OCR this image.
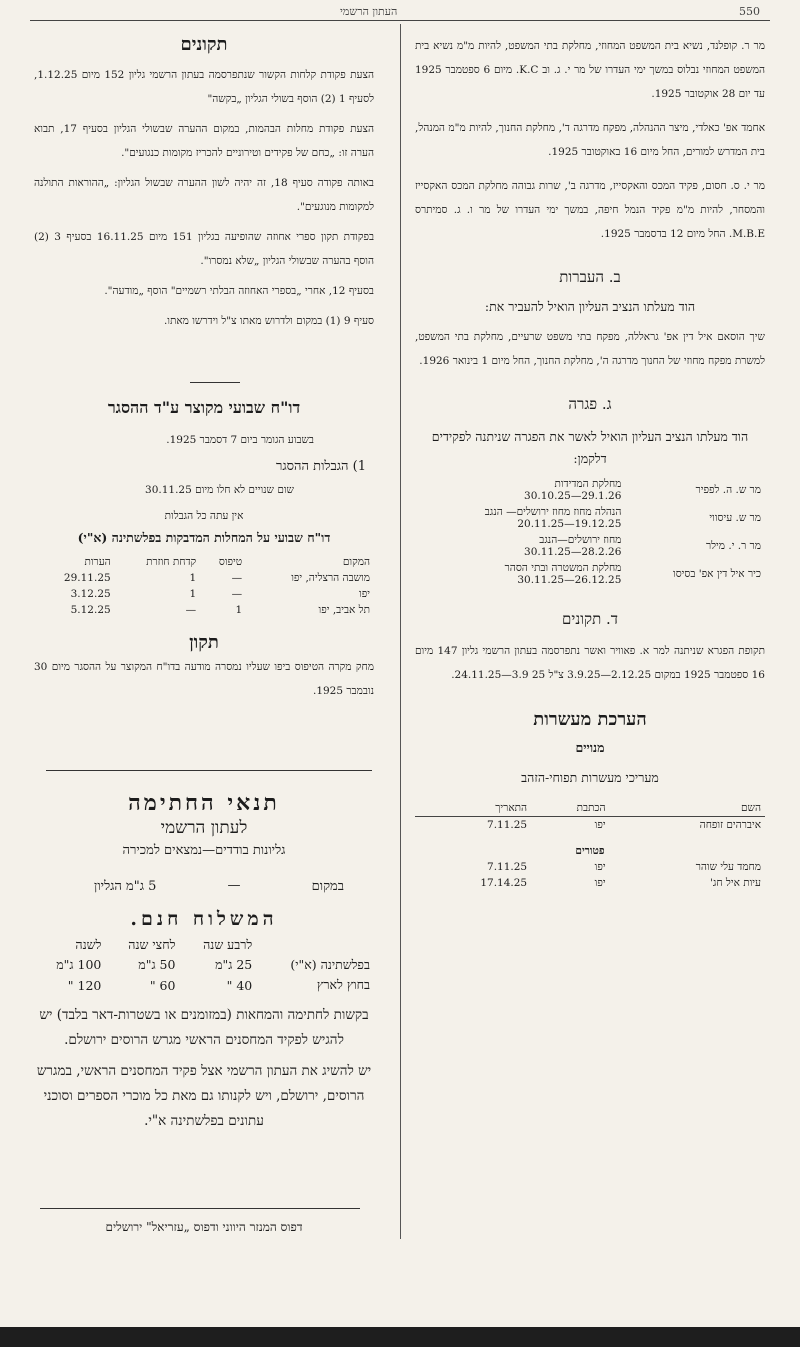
550
העתון הרשמי
תקונים

הצעת פקודת קלחות הקשור שנתפרסמה בעתון הרשמי גליון 152 מיום 1.12.25, לסעיף 1 (2) הוסף בשולי הגליון „בקשה"

הצעת פקודת מחלות הבהמות, במקום ההערה שבשולי הגליון בסעיף 17, תבוא הערה זו: „כחם של פקידים וטירוניים להכריז מקומות כנגועים".

באותה פקודה סעיף 18, זה יהיה לשון ההערה שבשול הגליון: „ההוראות התולנה למקומות מנוגעים".

בפקודת תקון ספרי אחוזה שהופיעה בגליון 151 מיום 16.11.25 בסעיף 3 (2) הוסף בהערה שבשולי הגליון „שלא נמסרו".

בסעיף 12, אחרי „בספרי האחוזה הבלתי רשמיים" הוסף „מודעה".

סעיף 9 (1) במקום ולדרוש מאתו צ"ל וידרשו מאתו.

דו"ח שבועי מקוצר ע"ד ההסגר
בשבוע הגומר ביום 7 דסמבר 1925.
1) הגבלות ההסגר
שום שנויים לא חלו מיום 30.11.25
אין עתה כל הגבלות
דו"ח שבועי על המחלות המדבקות בפלשתינה (א"י)
המקום	טיפוס	קדחת חוזרת	הערות
מושבה הרצליה, יפו	—	1	29.11.25
יפו	—	1	3.12.25
תל אביב, יפו	1	—	5.12.25
תקון

מחק מקרה הטיפוס ביפו שעליו נמסרה מודעה בדו"ח המקוצר על ההסגר מיום 30 נובמבר 1925.

תנאי החתימה
לעתון הרשמי
גליונות בודדים—נמצאים למכירה
במקום
—
5 ג"מ הגליון
המשלוח חנם.
	לרבע שנה	לחצי שנה	לשנה
בפלשתינה (א"י)	25 ג"מ	50 ג"מ	100 ג"מ
בחוץ לארץ	40 "	60 "	120 "

בקשות לחתימה והמחאות (במזומנים או בשטרות-דאר בלבד) יש להגיש לפקיד המחסנים הראשי מגרש הרוסים ירושלם.

יש להשיג את העתון הרשמי אצל פקיד המחסנים הראשי, במגרש הרוסים, ירושלם, ויש לקנותו גם מאת כל מוכרי הספרים וסוכני עתונים בפלשתינה א"י.

דפוס המנזר היווני ודפוס „עזריאל" ירושלים

מר ר. קופלנד, נשיא בית המשפט המחוזי, מחלקת בתי המשפט, להיות מ"מ נשיא בית המשפט המחוזי נבלוס במשך ימי העדרו של מר י. ג. וב K.C. מיום 6 ספטמבר 1925 עד יום 28 אוקטובר 1925.

אחמד אפ' כאלדי, מיצר ההנהלה, מפקח מדרגה ד', מחלקת החנוך, להיות מ"מ המנהל, בית המדרש למורים, החל מיום 16 באוקטובר 1925.

מר י. ס. חסום, פקיד המכס והאקסייז, מדרגה ב', שרות גבוהה מחלקת המכס האקסייז והמסחר, להיות מ"מ פקיד הנמל חיפה, במשך ימי העדרו של מר ו. ג. סמיתרס M.B.E. החל מיום 12 בדסמבר 1925.

ב. העברות
הוד מעלתו הנציב העליון הואיל להעביר את:

שיך הוסאם איל דין אפ' גראללה, מפקח בתי משפט שרעיים, מחלקת בתי המשפט, למשרת מפקח מחוזי של החנוך מדרגה ה', מחלקת החנוך, החל מיום 1 בינואר 1926.

ג. פגרה
הוד מעלתו הנציב העליון הואיל לאשר את הפגרה שניתנה לפקידים דלקמן:
מר ש. ה. לפפיר	מחלקת המדידות
29.1.26—30.10.25

מר ש. עיסווי	הנהלה מחוז מחוז ירושלים— הנגב
19.12.25—20.11.25

מר ר. י. מילר	מחוז ירושלים—הנגב
28.2.26—30.11.25

כיר איל דין אפ' בסיסו	מחלקת המשטרה ובתי הסהר
26.12.25—30.11.25
ד. תקונים

תקופת הפגרא שניתנה למר א. פאוויר ואשר נתפרסמה בעתון הרשמי גליון 147 מיום 16 ספטמבר 1925 במקום 2.12.25—3.9.25 צ"ל 25 3.9—24.11.25.

הערכת מעשרות
מנויים
מעריכי מעשרות תפוחי-הזהב
השם	הכתבת	התאריך
איברהים זופחה	יפו	7.11.25
פטורים		
מחמד עלי שוהר	יפו	7.11.25
עיות איל חג'	יפו	17.14.25
